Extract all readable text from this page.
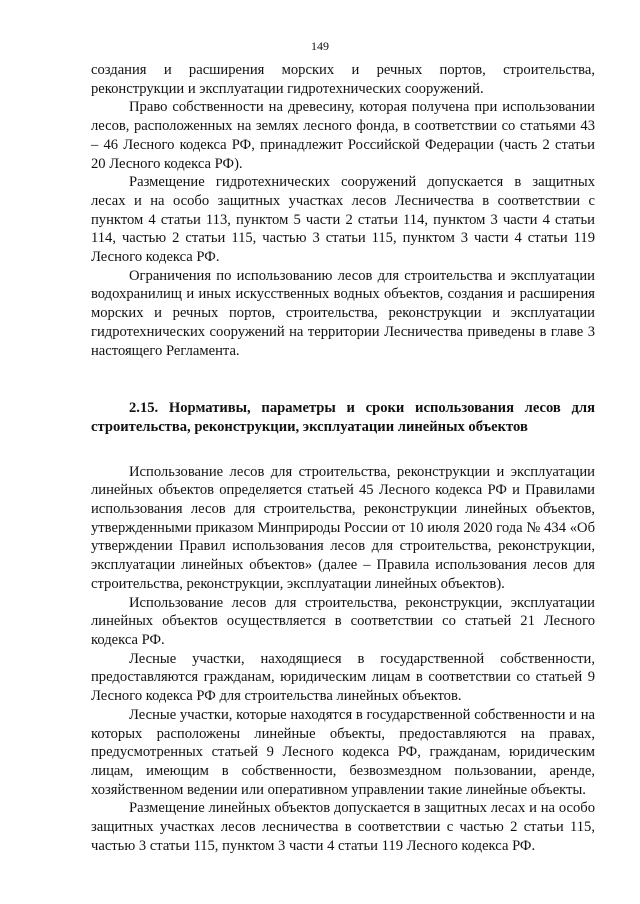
149

создания и расширения морских и речных портов, строительства, реконструкции и эксплуатации гидротехнических сооружений.

Право собственности на древесину, которая получена при использовании лесов, расположенных на землях лесного фонда, в соответствии со статьями 43 – 46 Лесного кодекса РФ, принадлежит Российской Федерации (часть 2 статьи 20 Лесного кодекса РФ).

Размещение гидротехнических сооружений допускается в защитных лесах и на особо защитных участках лесов Лесничества в соответствии с пунктом 4 статьи 113, пунктом 5 части 2 статьи 114, пунктом 3 части 4 статьи 114, частью 2 статьи 115, частью 3 статьи 115, пунктом 3 части 4 статьи 119 Лесного кодекса РФ.

Ограничения по использованию лесов для строительства и эксплуатации водохранилищ и иных искусственных водных объектов, создания и расширения морских и речных портов, строительства, реконструкции и эксплуатации гидротехнических сооружений на территории Лесничества приведены в главе 3 настоящего Регламента.

2.15. Нормативы, параметры и сроки использования лесов для строительства, реконструкции, эксплуатации линейных объектов

Использование лесов для строительства, реконструкции и эксплуатации линейных объектов определяется статьей 45 Лесного кодекса РФ и Правилами использования лесов для строительства, реконструкции линейных объектов, утвержденными приказом Минприроды России от 10 июля 2020 года № 434 «Об утверждении Правил использования лесов для строительства, реконструкции, эксплуатации линейных объектов» (далее – Правила использования лесов для строительства, реконструкции, эксплуатации линейных объектов).

Использование лесов для строительства, реконструкции, эксплуатации линейных объектов осуществляется в соответствии со статьей 21 Лесного кодекса РФ.

Лесные участки, находящиеся в государственной собственности, предоставляются гражданам, юридическим лицам в соответствии со статьей 9 Лесного кодекса РФ для строительства линейных объектов.

Лесные участки, которые находятся в государственной собственности и на которых расположены линейные объекты, предоставляются на правах, предусмотренных статьей 9 Лесного кодекса РФ, гражданам, юридическим лицам, имеющим в собственности, безвозмездном пользовании, аренде, хозяйственном ведении или оперативном управлении такие линейные объекты.

Размещение линейных объектов допускается в защитных лесах и на особо защитных участках лесов лесничества в соответствии с частью 2 статьи 115, частью 3 статьи 115, пунктом 3 части 4 статьи 119 Лесного кодекса РФ.
